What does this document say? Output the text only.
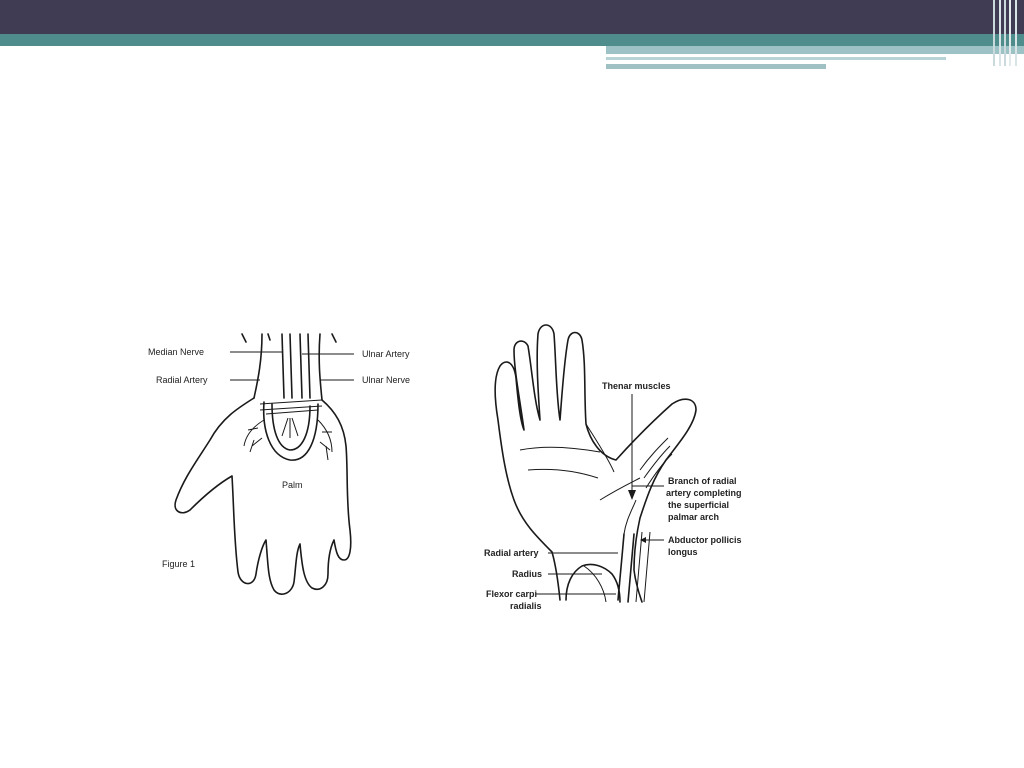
Median Nerve
Radial Artery
Ulnar Artery
Ulnar Nerve
Palm
Figure 1
Thenar muscles
Branch of radial
artery completing
the superficial
palmar arch
Radial artery
Radius
Flexor carpi
radialis
Abductor pollicis
longus
